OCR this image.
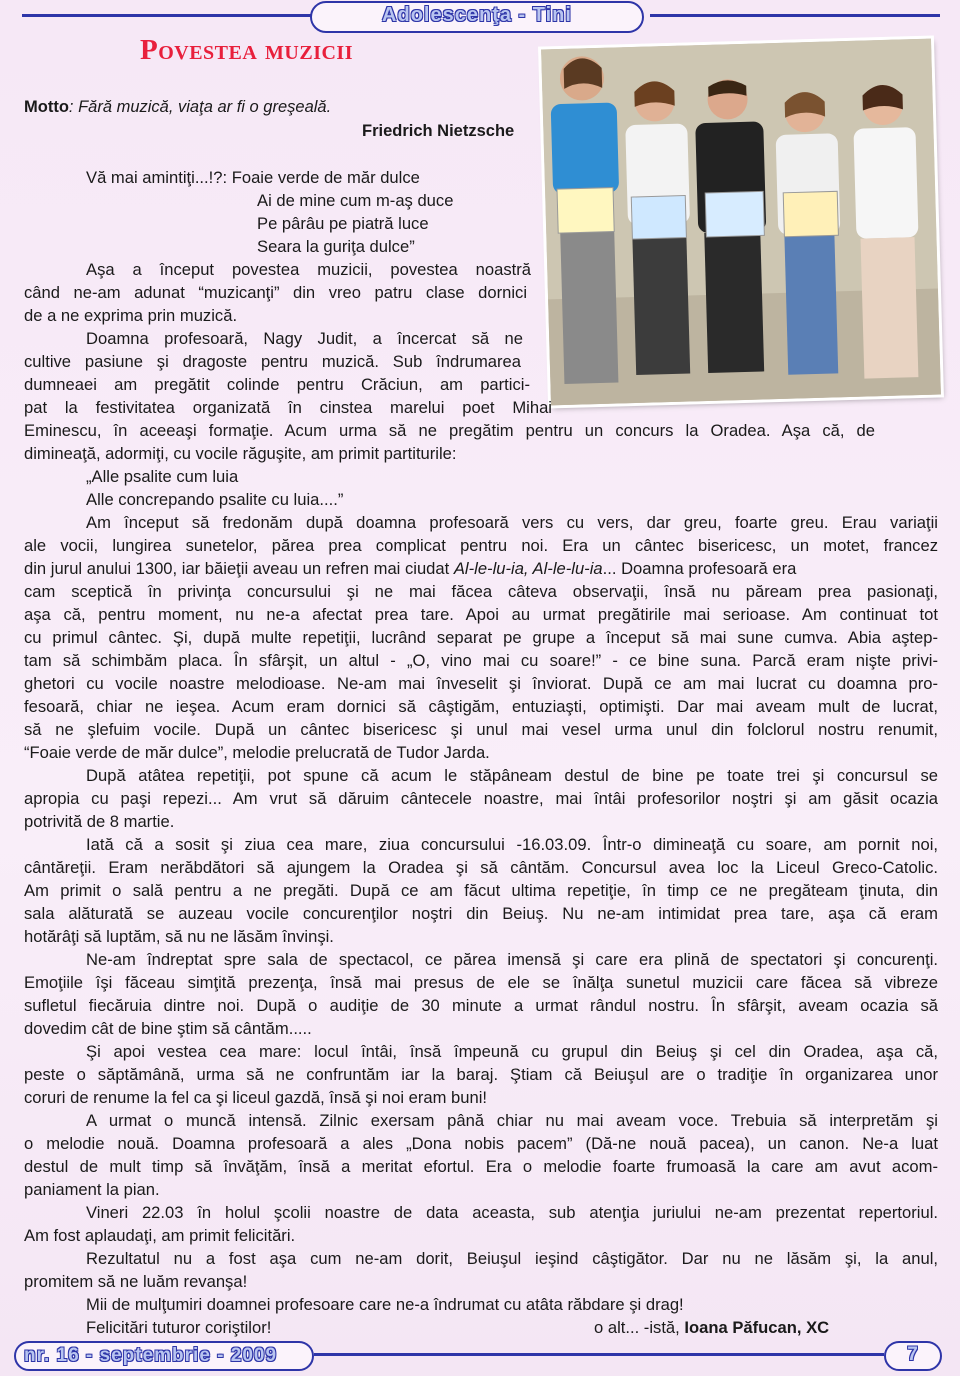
Adolescenţa - Tini
Povestea muzicii
Motto: Fără muzică, viaţa ar fi o greşeală.
Friedrich Nietzsche
Vă mai amintiţi...!?: Foaie verde de măr dulce
Ai de mine cum m-aş duce
Pe pârâu pe piatră luce
Seara la guriţa dulce”
Aşa a început povestea muzicii, povestea noastră
când ne-am adunat “muzicanţi” din vreo patru clase dornici
de a ne exprima prin muzică.
Doamna profesoară, Nagy Judit, a încercat să ne
cultive pasiune şi dragoste pentru muzică. Sub îndrumarea
dumneaei am pregătit colinde pentru Crăciun, am partici-
pat la festivitatea organizată în cinstea marelui poet Mihai
Eminescu, în aceeaşi formaţie. Acum urma să ne pregătim pentru un concurs la Oradea. Aşa că, de
dimineaţă, adormiţi, cu vocile răguşite, am primit partiturile:
„Alle psalite cum luia
Alle concrepando psalite cu luia....”
Am început să fredonăm după doamna profesoară vers cu vers, dar greu, foarte greu. Erau variaţii
ale vocii, lungirea sunetelor, părea prea complicat pentru noi. Era un cântec bisericesc, un motet, francez
din jurul anului 1300, iar băieţii aveau un refren mai ciudat Al-le-lu-ia, Al-le-lu-ia... Doamna profesoară era
cam sceptică în privinţa concursului şi ne mai făcea câteva observaţii, însă nu păream prea pasionaţi,
aşa că, pentru moment, nu ne-a afectat prea tare. Apoi au urmat pregătirile mai serioase. Am continuat tot
cu primul cântec. Şi, după multe repetiţii, lucrând separat pe grupe a început să mai sune cumva. Abia aştep-
tam să schimbăm placa. În sfârşit, un altul - „O, vino mai cu soare!” - ce bine suna. Parcă eram nişte privi-
ghetori cu vocile noastre melodioase. Ne-am mai înveselit şi înviorat. După ce am mai lucrat cu doamna pro-
fesoară, chiar ne ieşea. Acum eram dornici să câştigăm, entuziaşti, optimişti. Dar mai aveam mult de lucrat,
să ne şlefuim vocile. După un cântec bisericesc şi unul mai vesel urma unul din folclorul nostru renumit,
“Foaie verde de măr dulce”, melodie prelucrată de Tudor Jarda.
După atâtea repetiţii, pot spune că acum le stăpâneam destul de bine pe toate trei şi concursul se
apropia cu paşi repezi... Am vrut să dăruim cântecele noastre, mai întâi profesorilor noştri şi am găsit ocazia
potrivită de 8 martie.
Iată că a sosit şi ziua cea mare, ziua concursului -16.03.09. Într-o dimineaţă cu soare, am pornit noi,
cântăreţii. Eram nerăbdători să ajungem la Oradea şi să cântăm. Concursul avea loc la Liceul Greco-Catolic.
Am primit o sală pentru a ne pregăti. După ce am făcut ultima repetiţie, în timp ce ne pregăteam ţinuta, din
sala alăturată se auzeau vocile concurenţilor noştri din Beiuş. Nu ne-am intimidat prea tare, aşa că eram
hotărâţi să luptăm, să nu ne lăsăm învinşi.
Ne-am îndreptat spre sala de spectacol, ce părea imensă şi care era plină de spectatori şi concurenţi.
Emoţiile îşi făceau simţită prezenţa, însă mai presus de ele se înălţa sunetul muzicii care făcea să vibreze
sufletul fiecăruia dintre noi. După o audiţie de 30 minute a urmat rândul nostru. În sfârşit, aveam ocazia să
dovedim cât de bine ştim să cântăm.....
Şi apoi vestea cea mare: locul întâi, însă împeună cu grupul din Beiuş şi cel din Oradea, aşa că,
peste o săptămână, urma să ne confruntăm iar la baraj. Ştiam că Beiuşul are o tradiţie în organizarea unor
coruri de renume la fel ca şi liceul gazdă, însă şi noi eram buni!
A urmat o muncă intensă. Zilnic exersam până chiar nu mai aveam voce. Trebuia să interpretăm şi
o melodie nouă. Doamna profesoară a ales „Dona nobis pacem” (Dă-ne nouă pacea), un canon. Ne-a luat
destul de mult timp să învăţăm, însă a meritat efortul. Era o melodie foarte frumoasă la care am avut acom-
paniament la pian.
Vineri 22.03 în holul şcolii noastre de data aceasta, sub atenţia juriului ne-am prezentat repertoriul.
Am fost aplaudaţi, am primit felicitări.
Rezultatul nu a fost aşa cum ne-am dorit, Beiuşul ieşind câştigător. Dar nu ne lăsăm şi, la anul,
promitem să ne luăm revanşa!
Mii de mulţumiri doamnei profesoare care ne-a îndrumat cu atâta răbdare şi drag!
Felicitări tuturor coriştilor!	o alt... -istă, Ioana Păfucan, XC
nr. 16 - septembrie - 2009	7
